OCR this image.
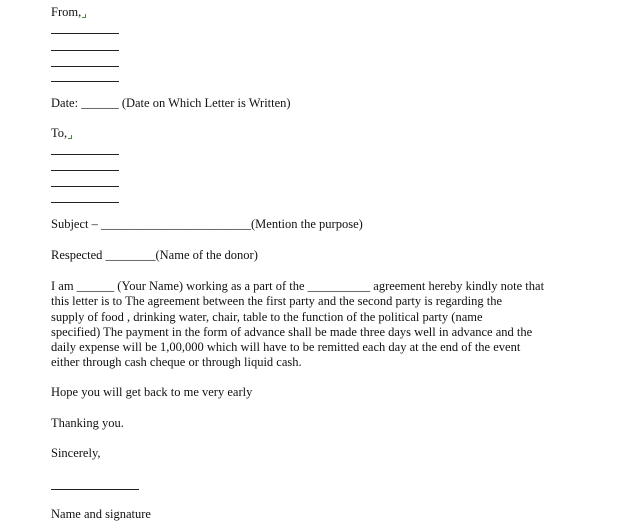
From,
Date: ______ (Date on Which Letter is Written)
To,
Subject – ________________________(Mention the purpose)
Respected ________(Name of the donor)
I am ______ (Your Name) working as a part of the __________ agreement hereby kindly note that
this letter is to The agreement between the first party and the second party is regarding the
supply of food , drinking water, chair, table to the function of the political party (name
specified) The payment in the form of advance shall be made three days well in advance and the
daily expense will be 1,00,000 which will have to be remitted each day at the end of the event
either through cash cheque or through liquid cash.
Hope you will get back to me very early
Thanking you.
Sincerely,
Name and signature
